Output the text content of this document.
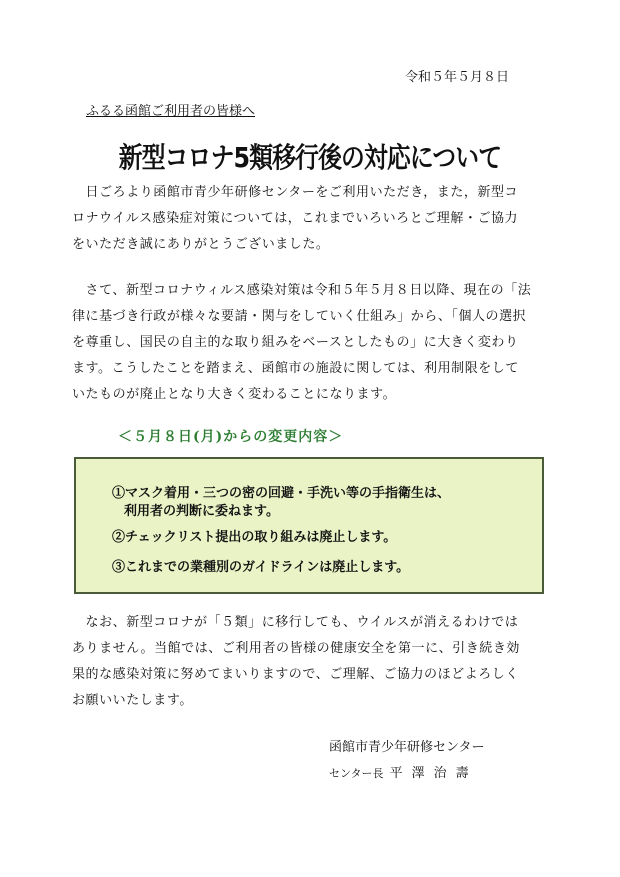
令和５年５月８日
ふるる函館ご利用者の皆様へ
新型コロナ5類移行後の対応について
　日ごろより函館市青少年研修センターをご利用いただき，また，新型コ
ロナウイルス感染症対策については，これまでいろいろとご理解・ご協力
をいただき誠にありがとうございました。
　さて、新型コロナウィルス感染対策は令和５年５月８日以降、現在の「法
律に基づき行政が様々な要請・関与をしていく仕組み」から、「個人の選択
を尊重し、国民の自主的な取り組みをベースとしたもの」に大きく変わり
ます。こうしたことを踏まえ、函館市の施設に関しては、利用制限をして
いたものが廃止となり大きく変わることになります。
＜５月８日(月)からの変更内容＞
①マスク着用・三つの密の回避・手洗い等の手指衛生は、
利用者の判断に委ねます。
②チェックリスト提出の取り組みは廃止します。
③これまでの業種別のガイドラインは廃止します。
　なお、新型コロナが「５類」に移行しても、ウイルスが消えるわけでは
ありません。当館では、ご利用者の皆様の健康安全を第一に、引き続き効
果的な感染対策に努めてまいりますので、ご理解、ご協力のほどよろしく
お願いいたします。
函館市青少年研修センター
センター長 平澤治壽
